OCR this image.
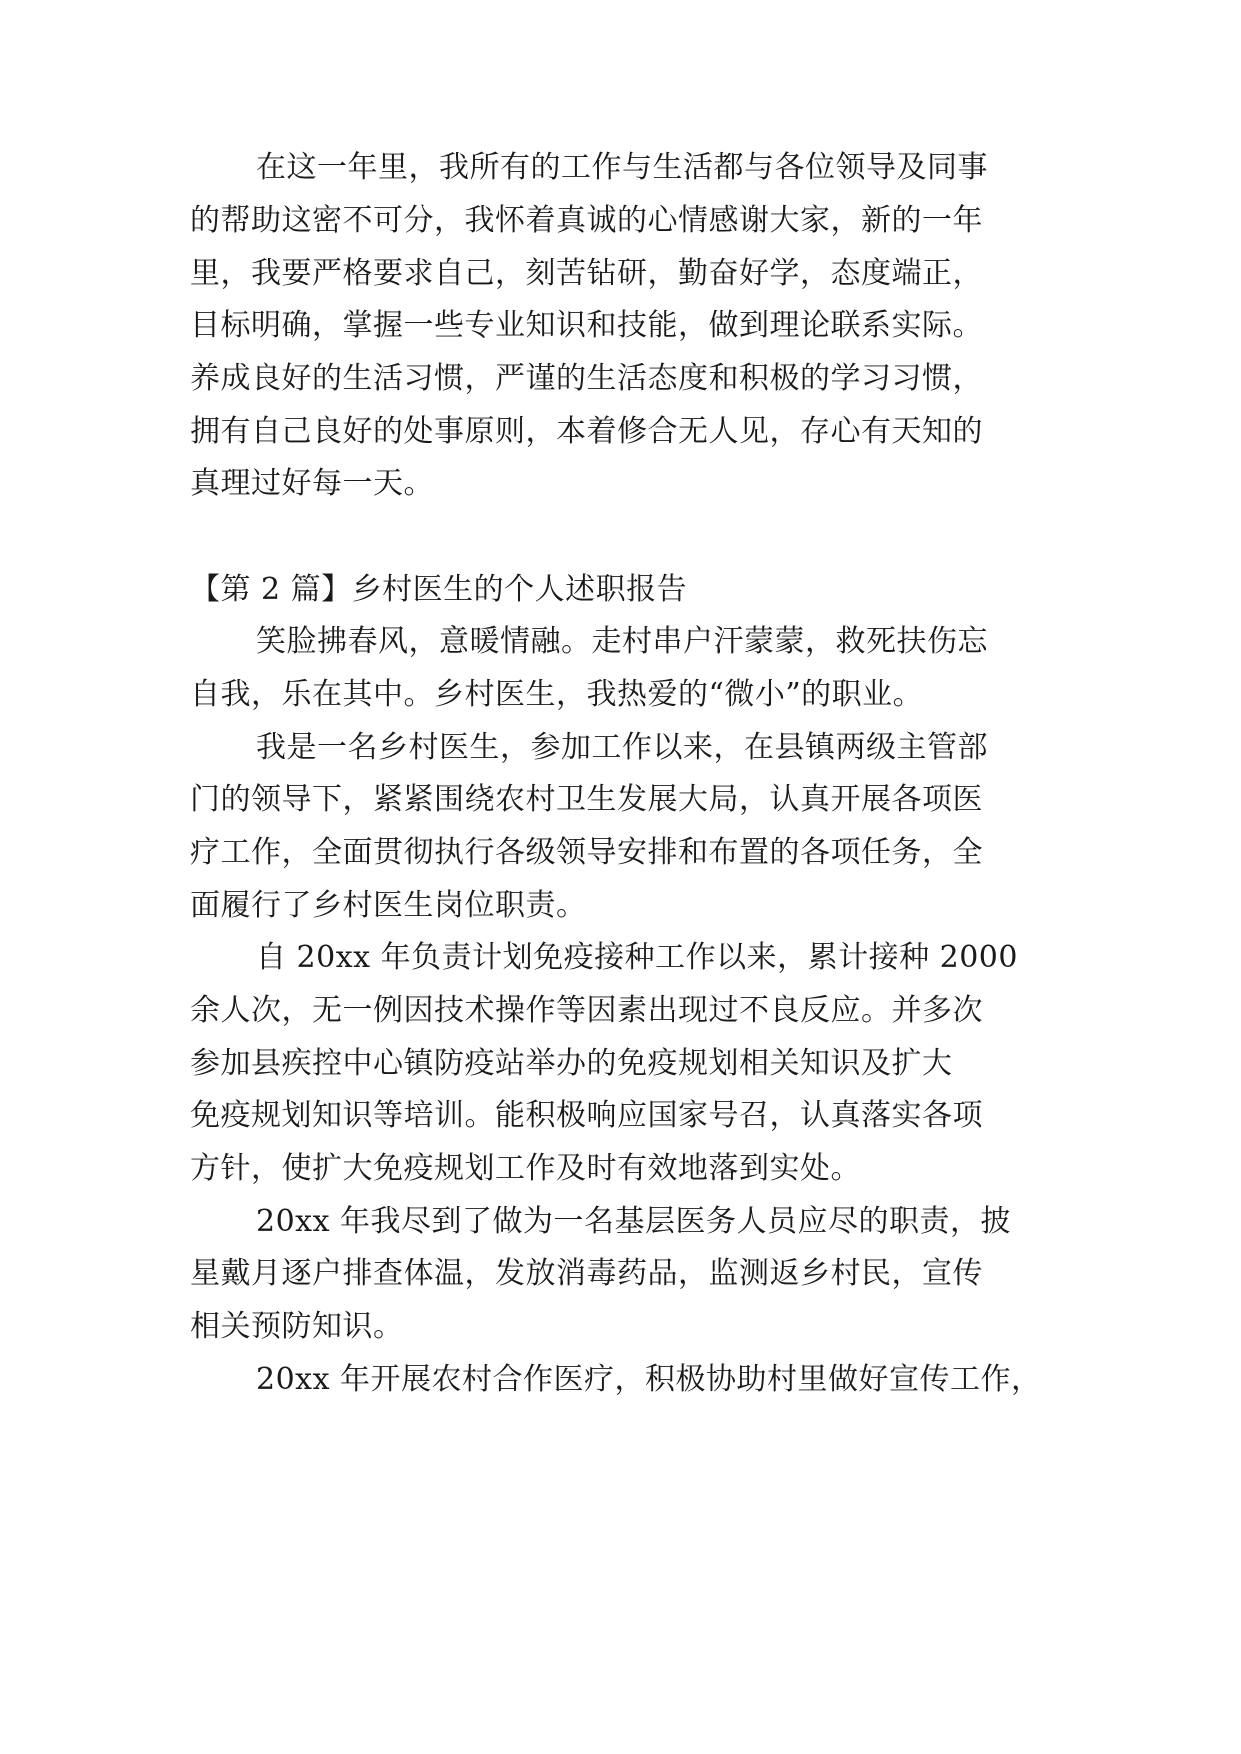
在这一年里，我所有的工作与生活都与各位领导及同事
的帮助这密不可分，我怀着真诚的心情感谢大家，新的一年
里，我要严格要求自己，刻苦钻研，勤奋好学，态度端正，
目标明确，掌握一些专业知识和技能，做到理论联系实际。
养成良好的生活习惯，严谨的生活态度和积极的学习习惯，
拥有自己良好的处事原则，本着修合无人见，存心有天知的
真理过好每一天。
【第 2 篇】乡村医生的个人述职报告
笑脸拂春风，意暖情融。走村串户汗蒙蒙，救死扶伤忘
自我，乐在其中。乡村医生，我热爱的“微小”的职业。
我是一名乡村医生，参加工作以来，在县镇两级主管部
门的领导下，紧紧围绕农村卫生发展大局，认真开展各项医
疗工作，全面贯彻执行各级领导安排和布置的各项任务，全
面履行了乡村医生岗位职责。
自 20xx 年负责计划免疫接种工作以来，累计接种 2000
余人次，无一例因技术操作等因素出现过不良反应。并多次
参加县疾控中心镇防疫站举办的免疫规划相关知识及扩大
免疫规划知识等培训。能积极响应国家号召，认真落实各项
方针，使扩大免疫规划工作及时有效地落到实处。
20xx 年我尽到了做为一名基层医务人员应尽的职责，披
星戴月逐户排查体温，发放消毒药品，监测返乡村民，宣传
相关预防知识。
20xx 年开展农村合作医疗，积极协助村里做好宣传工作，
